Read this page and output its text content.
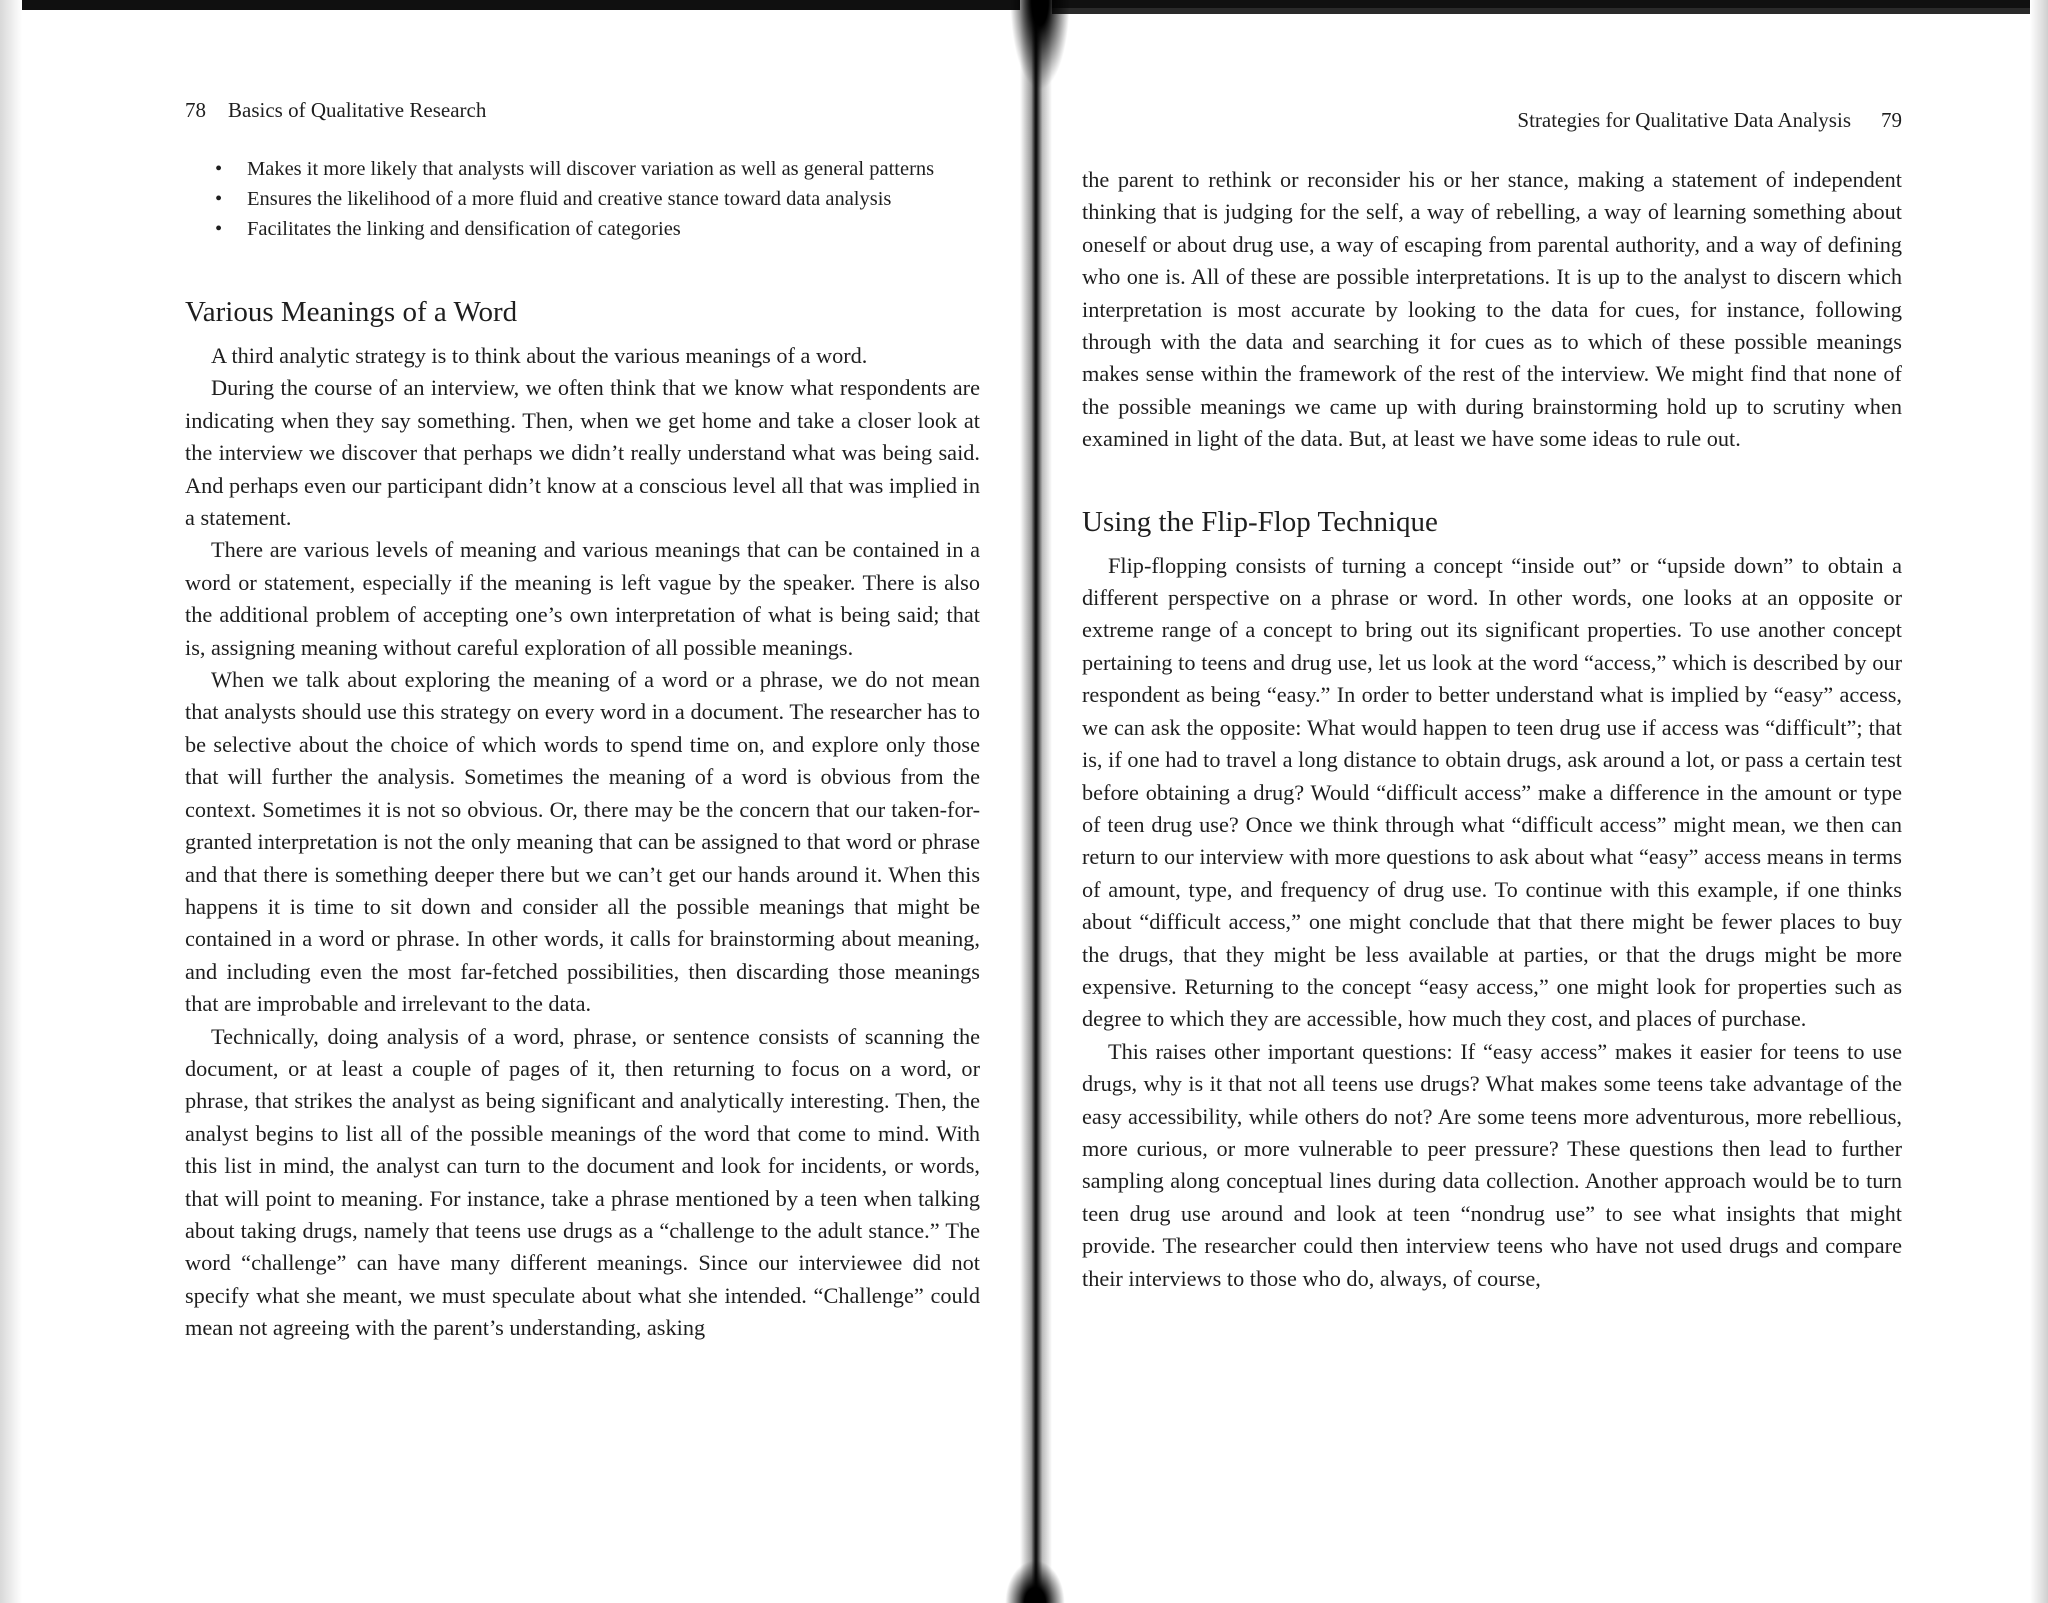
78 Basics of Qualitative Research
• Makes it more likely that analysts will discover variation as well as general patterns
• Ensures the likelihood of a more fluid and creative stance toward data analysis
• Facilitates the linking and densification of categories
Various Meanings of a Word

A third analytic strategy is to think about the various meanings of a word.

During the course of an interview, we often think that we know what respondents are indicating when they say something. Then, when we get home and take a closer look at the interview we discover that perhaps we didn’t really understand what was being said. And perhaps even our participant didn’t know at a conscious level all that was implied in a statement.

There are various levels of meaning and various meanings that can be contained in a word or statement, especially if the meaning is left vague by the speaker. There is also the additional problem of accepting one’s own interpretation of what is being said; that is, assigning meaning without careful exploration of all possible meanings.

When we talk about exploring the meaning of a word or a phrase, we do not mean that analysts should use this strategy on every word in a document. The researcher has to be selective about the choice of which words to spend time on, and explore only those that will further the analysis. Sometimes the meaning of a word is obvious from the context. Sometimes it is not so obvious. Or, there may be the concern that our taken-for-granted interpretation is not the only meaning that can be assigned to that word or phrase and that there is something deeper there but we can’t get our hands around it. When this happens it is time to sit down and consider all the possible meanings that might be contained in a word or phrase. In other words, it calls for brainstorming about meaning, and including even the most far-fetched possibilities, then discarding those meanings that are improbable and irrelevant to the data.

Technically, doing analysis of a word, phrase, or sentence consists of scanning the document, or at least a couple of pages of it, then returning to focus on a word, or phrase, that strikes the analyst as being significant and analytically interesting. Then, the analyst begins to list all of the possible meanings of the word that come to mind. With this list in mind, the analyst can turn to the document and look for incidents, or words, that will point to meaning. For instance, take a phrase mentioned by a teen when talking about taking drugs, namely that teens use drugs as a “challenge to the adult stance.” The word “challenge” can have many different meanings. Since our interviewee did not specify what she meant, we must speculate about what she intended. “Challenge” could mean not agreeing with the parent’s understanding, asking

Strategies for Qualitative Data Analysis 79

the parent to rethink or reconsider his or her stance, making a statement of independent thinking that is judging for the self, a way of rebelling, a way of learning something about oneself or about drug use, a way of escaping from parental authority, and a way of defining who one is. All of these are possible interpretations. It is up to the analyst to discern which interpretation is most accurate by looking to the data for cues, for instance, following through with the data and searching it for cues as to which of these possible meanings makes sense within the framework of the rest of the interview. We might find that none of the possible meanings we came up with during brainstorming hold up to scrutiny when examined in light of the data. But, at least we have some ideas to rule out.

Using the Flip-Flop Technique

Flip-flopping consists of turning a concept “inside out” or “upside down” to obtain a different perspective on a phrase or word. In other words, one looks at an opposite or extreme range of a concept to bring out its significant properties. To use another concept pertaining to teens and drug use, let us look at the word “access,” which is described by our respondent as being “easy.” In order to better understand what is implied by “easy” access, we can ask the opposite: What would happen to teen drug use if access was “difficult”; that is, if one had to travel a long distance to obtain drugs, ask around a lot, or pass a certain test before obtaining a drug? Would “difficult access” make a difference in the amount or type of teen drug use? Once we think through what “difficult access” might mean, we then can return to our interview with more questions to ask about what “easy” access means in terms of amount, type, and frequency of drug use. To continue with this example, if one thinks about “difficult access,” one might conclude that that there might be fewer places to buy the drugs, that they might be less available at parties, or that the drugs might be more expensive. Returning to the concept “easy access,” one might look for properties such as degree to which they are accessible, how much they cost, and places of purchase.

This raises other important questions: If “easy access” makes it easier for teens to use drugs, why is it that not all teens use drugs? What makes some teens take advantage of the easy accessibility, while others do not? Are some teens more adventurous, more rebellious, more curious, or more vulnerable to peer pressure? These questions then lead to further sampling along conceptual lines during data collection. Another approach would be to turn teen drug use around and look at teen “nondrug use” to see what insights that might provide. The researcher could then interview teens who have not used drugs and compare their interviews to those who do, always, of course,
